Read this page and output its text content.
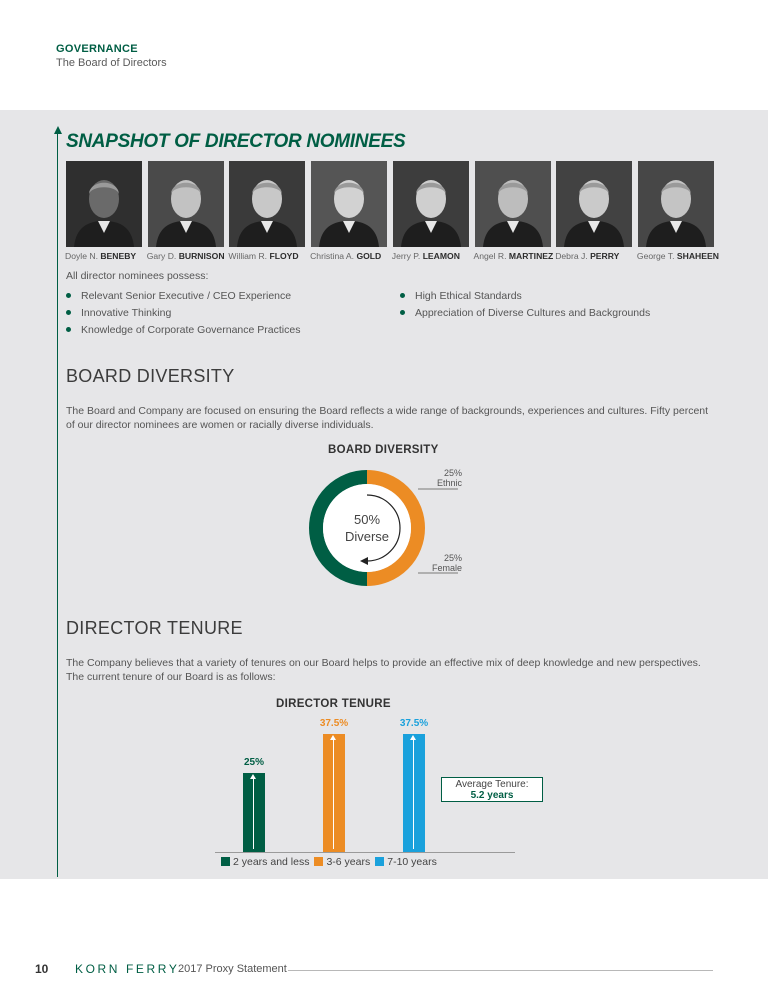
GOVERNANCE
The Board of Directors
SNAPSHOT OF DIRECTOR NOMINEES
Doyle N. BENEBY	Gary D. BURNISON William R. FLOYD	Christina A. GOLD	Jerry P. LEAMON	Angel R. MARTINEZ Debra J. PERRY	George T. SHAHEEN
All director nominees possess:
Relevant Senior Executive / CEO Experience
Innovative Thinking
Knowledge of Corporate Governance Practices
High Ethical Standards
Appreciation of Diverse Cultures and Backgrounds
BOARD DIVERSITY
The Board and Company are focused on ensuring the Board reflects a wide range of backgrounds, experiences and cultures. Fifty percent of our director nominees are women or racially diverse individuals.
BOARD DIVERSITY
25%
Ethnic
25%
Female
50%
Diverse
DIRECTOR TENURE
The Company believes that a variety of tenures on our Board helps to provide an effective mix of deep knowledge and new perspectives. The current tenure of our Board is as follows:
DIRECTOR TENURE
25%
37.5%	37.5%
Average Tenure:
5.2 years
2 years and less 3-6 years 7-10 years
10 KORN FERRY
2017 Proxy Statement
